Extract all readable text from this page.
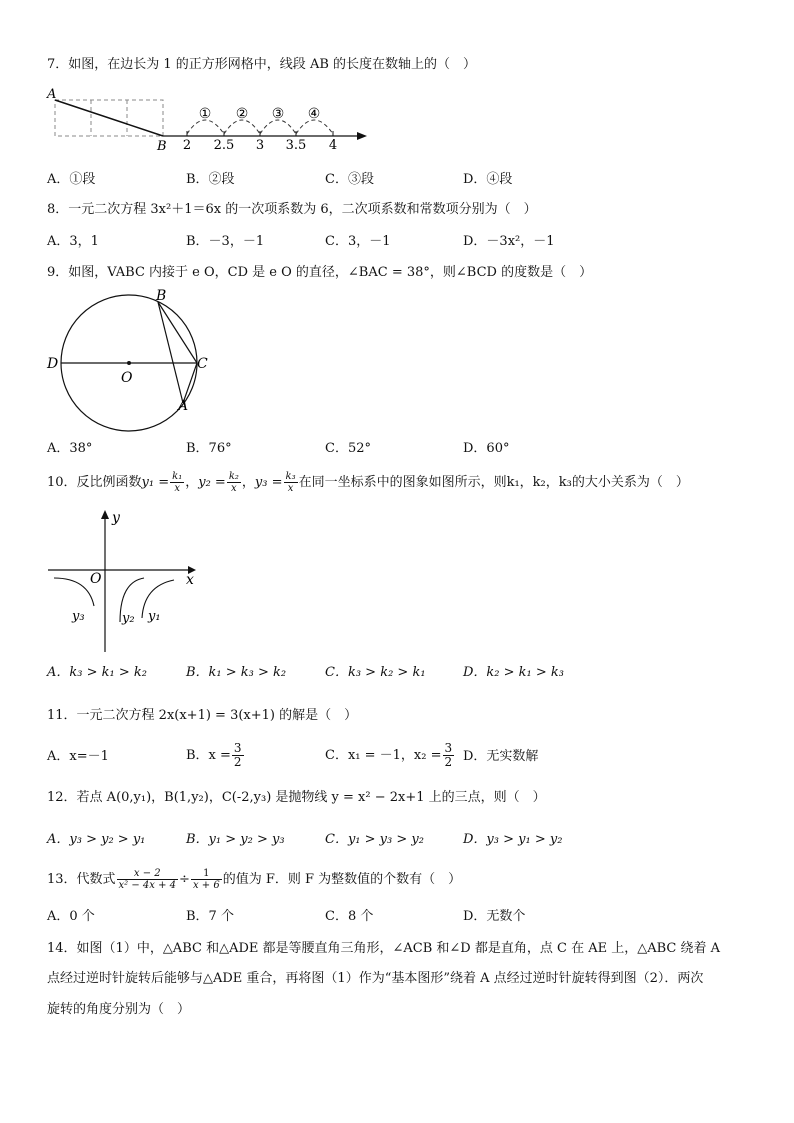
7．如图，在边长为 1 的正方形网格中，线段 AB 的长度在数轴上的（　）
A
B 2 2.5 3 3.5 4
① ② ③ ④
A．①段	B．②段	C．③段	D．④段
8．一元二次方程 3x²＋1＝6x 的一次项系数为 6，二次项系数和常数项分别为（　）
A．3，1	B．－3，－1	C．3，－1	D．－3x²，－1
9．如图，VABC 内接于 e O，CD 是 e O 的直径，∠BAC = 38°，则∠BCD 的度数是（　）
B
D
O
C
A
A．38°	B．76°	C．52°	D．60°
10．反比例函数$y_1 = \frac{\text{k₁}}{x}$ ，$y_2 = \frac{\text{k₂}}{x}$ ，$y_3 = \frac{\text{k₃}}{x}$ 在同一坐标系中的图象如图所示，则k₁，k₂，k₃的大小关系为（　）
y
x
O
y₃	y₂ y₁
A．k₃ > k₁ > k₂	B．k₁ > k₃ > k₂	C．k₃ > k₂ > k₁	D．k₂ > k₁ > k₃
11．一元二次方程 2x(x+1) = 3(x+1) 的解是（　）
A．x=－1	B．$x = \frac{3}{2}$	C．x₁ = －1，$x_2 = \frac{3}{2}$ D．无实数解
12．若点 A(0,y₁)，B(1,y₂)，C(-2,y₃) 是抛物线 y = x² − 2x+1 上的三点，则（　）
A．y₃ > y₂ > y₁	B．y₁ > y₂ > y₃	C．y₁ > y₃ > y₂	D．y₃ > y₁ > y₂
13．代数式 $\frac{x - 2}{\text{x² − 4x + 4}} \div \frac{1}{x + 6}$ 的值为 F．则 F 为整数值的个数有（　）
A．0 个	B．7 个	C．8 个	D．无数个
14．如图（1）中，△ABC 和△ADE 都是等腰直角三角形，∠ACB 和∠D 都是直角，点 C 在 AE 上，△ABC 绕着 A
点经过逆时针旋转后能够与△ADE 重合，再将图（1）作为“基本图形”绕着 A 点经过逆时针旋转得到图（2）．两次
旋转的角度分别为（　）
